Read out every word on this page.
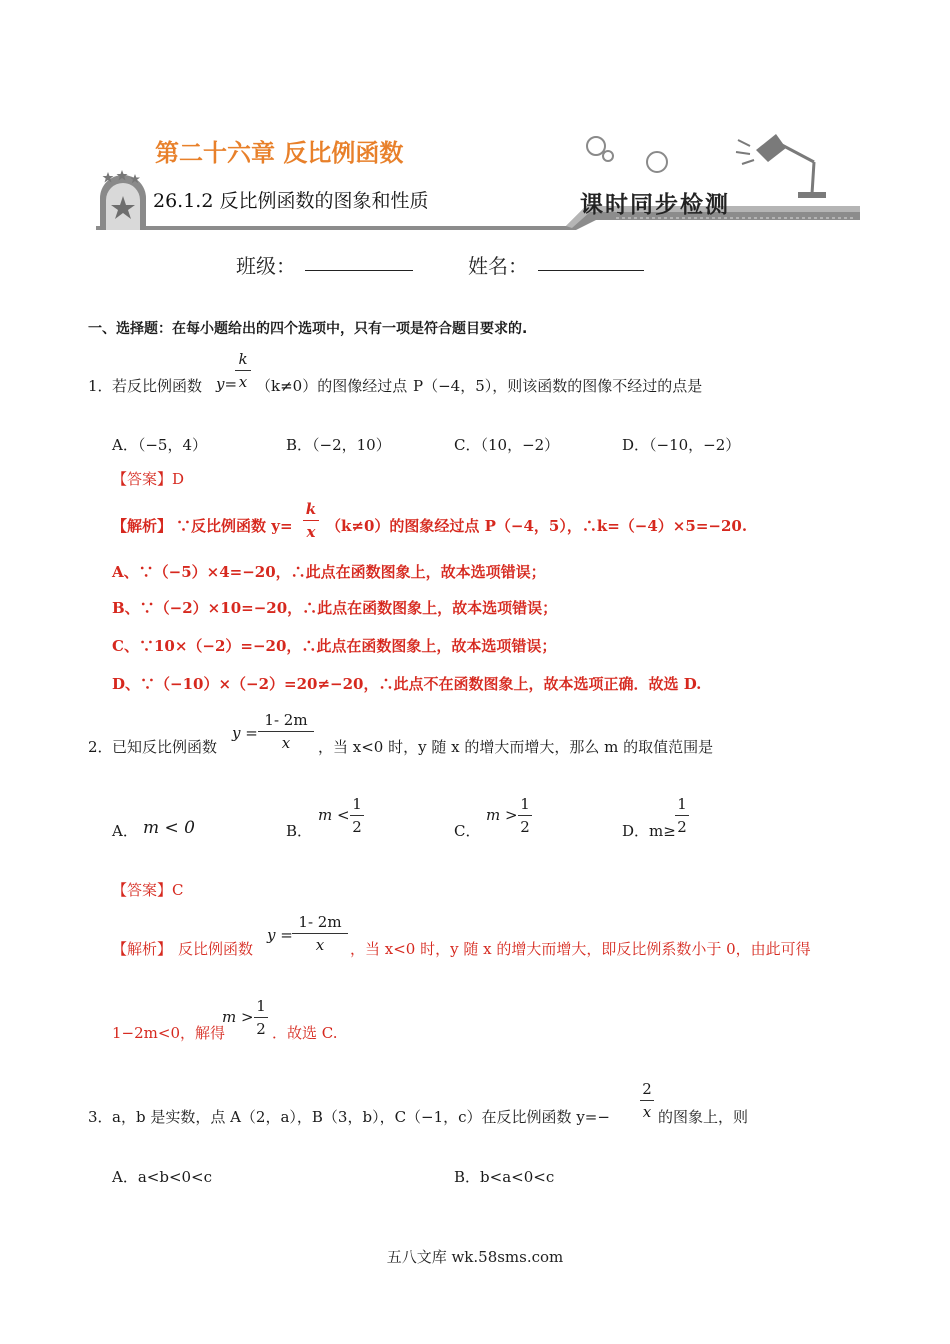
第二十六章 反比例函数
26.1.2 反比例函数的图象和性质	课时同步检测
班级：	姓名：
一、选择题：在每小题给出的四个选项中，只有一项是符合题目要求的.
1． 若反比例函数 y=
k
x （k≠0）的图像经过点 P（−4，5），则该函数的图像不经过的点是
A．（−5，4）	B．（−2，10）	C．（10，−2）	D．（−10，−2）
【答案】D
【解析】 ∵反比例函数 y=
k
x （k≠0）的图象经过点 P（−4，5），∴k=（−4）×5=−20.
A、∵（−5）×4=−20，∴此点在函数图象上，故本选项错误；
B、∵（−2）×10=−20，∴此点在函数图象上，故本选项错误；
C、∵10×（−2）=−20，∴此点在函数图象上，故本选项错误；
D、∵（−10）×（−2）=20≠−20，∴此点不在函数图象上，故本选项正确．故选 D.
2． 已知反比例函数
y =
1- 2m
x	，当 x<0 时，y 随 x 的增大而增大，那么 m 的取值范围是
A． m < 0	B．
m <
1
2	C．
m >
1
2	D．m≥
1
2
【答案】C
【解析】 反比例函数
y =
1- 2m
x	，当 x<0 时，y 随 x 的增大而增大，即反比例系数小于 0，由此可得
1−2m<0，解得
m >
1
2 ．故选 C.
3． a，b 是实数，点 A（2，a），B（3，b），C（−1，c）在反比例函数 y=−
2
x 的图象上，则
A．a<b<0<c	B．b<a<0<c
五八文库 wk.58sms.com
